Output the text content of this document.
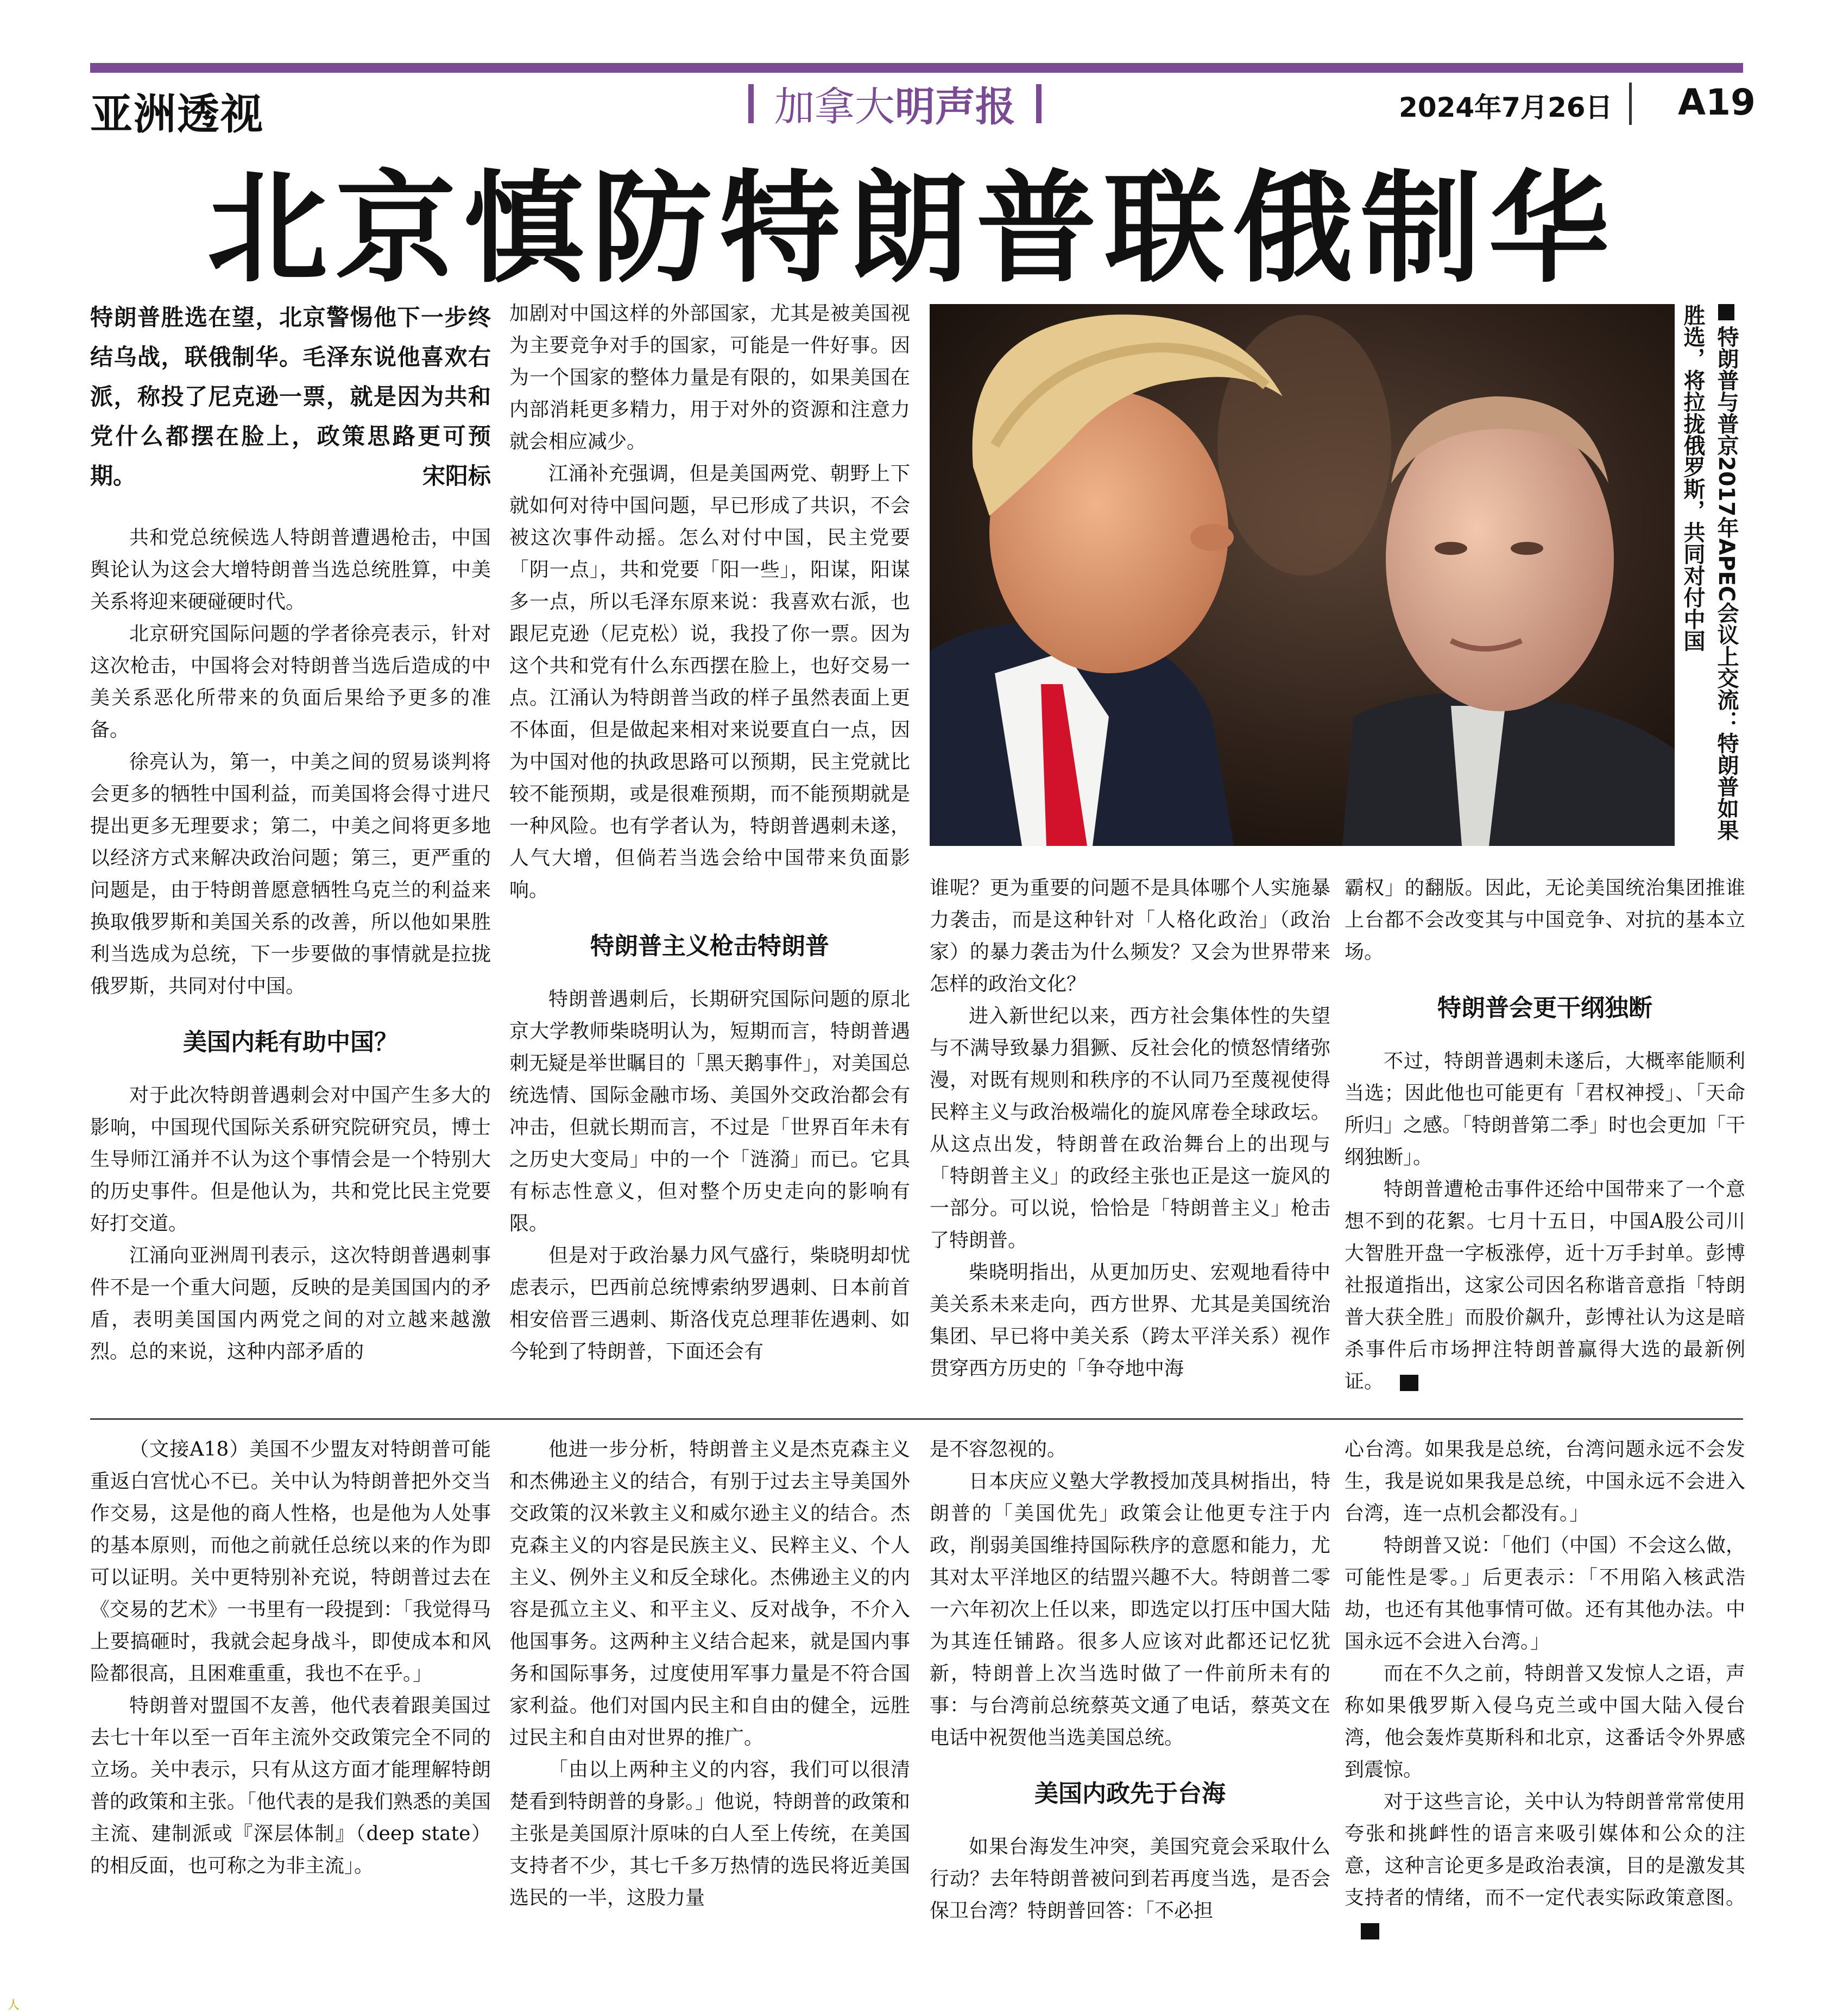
亚洲透视	加拿大 明声报	2024年7月26日 A19
北京慎防特朗普联俄制华
特朗普胜选在望，北京警惕他下一步终结乌战，联俄制华。毛泽东说他喜欢右派，称投了尼克逊一票，就是因为共和党什么都摆在脸上，政策思路更可预期。	宋阳标

共和党总统候选人特朗普遭遇枪击，中国舆论认为这会大增特朗普当选总统胜算，中美关系将迎来硬碰硬时代。

北京研究国际问题的学者徐亮表示，针对这次枪击，中国将会对特朗普当选后造成的中美关系恶化所带来的负面后果给予更多的准备。

徐亮认为，第一，中美之间的贸易谈判将会更多的牺牲中国利益，而美国将会得寸进尺提出更多无理要求；第二，中美之间将更多地以经济方式来解决政治问题；第三，更严重的问题是，由于特朗普愿意牺牲乌克兰的利益来换取俄罗斯和美国关系的改善，所以他如果胜利当选成为总统，下一步要做的事情就是拉拢俄罗斯，共同对付中国。

美国内耗有助中国？

对于此次特朗普遇刺会对中国产生多大的影响，中国现代国际关系研究院研究员，博士生导师江涌并不认为这个事情会是一个特别大的历史事件。但是他认为，共和党比民主党要好打交道。

江涌向亚洲周刊表示，这次特朗普遇刺事件不是一个重大问题，反映的是美国国内的矛盾，表明美国国内两党之间的对立越来越激烈。总的来说，这种内部矛盾的

加剧对中国这样的外部国家，尤其是被美国视为主要竞争对手的国家，可能是一件好事。因为一个国家的整体力量是有限的，如果美国在内部消耗更多精力，用于对外的资源和注意力就会相应减少。

江涌补充强调，但是美国两党、朝野上下就如何对待中国问题，早已形成了共识，不会被这次事件动摇。怎么对付中国，民主党要「阴一点」，共和党要「阳一些」，阳谋，阳谋多一点，所以毛泽东原来说：我喜欢右派，也跟尼克逊（尼克松）说，我投了你一票。因为这个共和党有什么东西摆在脸上，也好交易一点。江涌认为特朗普当政的样子虽然表面上更不体面，但是做起来相对来说要直白一点，因为中国对他的执政思路可以预期，民主党就比较不能预期，或是很难预期，而不能预期就是一种风险。也有学者认为，特朗普遇刺未遂，人气大增，但倘若当选会给中国带来负面影响。

特朗普主义枪击特朗普

特朗普遇刺后，长期研究国际问题的原北京大学教师柴晓明认为，短期而言，特朗普遇刺无疑是举世瞩目的「黑天鹅事件」，对美国总统选情、国际金融市场、美国外交政治都会有冲击，但就长期而言，不过是「世界百年未有之历史大变局」中的一个「涟漪」而已。它具有标志性意义，但对整个历史走向的影响有限。

但是对于政治暴力风气盛行，柴晓明却忧虑表示，巴西前总统博索纳罗遇刺、日本前首相安倍晋三遇刺、斯洛伐克总理菲佐遇刺、如今轮到了特朗普，下面还会有

特朗普与普京2017年APEC会议上交流：特朗普如果胜选，将拉拢俄罗斯，共同对付中国

谁呢？更为重要的问题不是具体哪个人实施暴力袭击，而是这种针对「人格化政治」（政治家）的暴力袭击为什么频发？又会为世界带来怎样的政治文化？

进入新世纪以来，西方社会集体性的失望与不满导致暴力猖獗、反社会化的愤怒情绪弥漫，对既有规则和秩序的不认同乃至蔑视使得民粹主义与政治极端化的旋风席卷全球政坛。从这点出发，特朗普在政治舞台上的出现与「特朗普主义」的政经主张也正是这一旋风的一部分。可以说，恰恰是「特朗普主义」枪击了特朗普。

柴晓明指出，从更加历史、宏观地看待中美关系未来走向，西方世界、尤其是美国统治集团、早已将中美关系（跨太平洋关系）视作贯穿西方历史的「争夺地中海

霸权」的翻版。因此，无论美国统治集团推谁上台都不会改变其与中国竞争、对抗的基本立场。

特朗普会更干纲独断

不过，特朗普遇刺未遂后，大概率能顺利当选；因此他也可能更有「君权神授」、「天命所归」之感。「特朗普第二季」时也会更加「干纲独断」。

特朗普遭枪击事件还给中国带来了一个意想不到的花絮。七月十五日，中国A股公司川大智胜开盘一字板涨停，近十万手封单。彭博社报道指出，这家公司因名称谐音意指「特朗普大获全胜」而股价飙升，彭博社认为这是暗杀事件后市场押注特朗普赢得大选的最新例证。

（文接A18）美国不少盟友对特朗普可能重返白宫忧心不已。关中认为特朗普把外交当作交易，这是他的商人性格，也是他为人处事的基本原则，而他之前就任总统以来的作为即可以证明。关中更特别补充说，特朗普过去在《交易的艺术》一书里有一段提到：「我觉得马上要搞砸时，我就会起身战斗，即使成本和风险都很高，且困难重重，我也不在乎。」

特朗普对盟国不友善，他代表着跟美国过去七十年以至一百年主流外交政策完全不同的立场。关中表示，只有从这方面才能理解特朗普的政策和主张。「他代表的是我们熟悉的美国主流、建制派或『深层体制』（deep state）的相反面，也可称之为非主流」。

他进一步分析，特朗普主义是杰克森主义和杰佛逊主义的结合，有别于过去主导美国外交政策的汉米敦主义和威尔逊主义的结合。杰克森主义的内容是民族主义、民粹主义、个人主义、例外主义和反全球化。杰佛逊主义的内容是孤立主义、和平主义、反对战争，不介入他国事务。这两种主义结合起来，就是国内事务和国际事务，过度使用军事力量是不符合国家利益。他们对国内民主和自由的健全，远胜过民主和自由对世界的推广。

「由以上两种主义的内容，我们可以很清楚看到特朗普的身影。」他说，特朗普的政策和主张是美国原汁原味的白人至上传统，在美国支持者不少，其七千多万热情的选民将近美国选民的一半，这股力量

是不容忽视的。

日本庆应义塾大学教授加茂具树指出，特朗普的「美国优先」政策会让他更专注于内政，削弱美国维持国际秩序的意愿和能力，尤其对太平洋地区的结盟兴趣不大。特朗普二零一六年初次上任以来，即选定以打压中国大陆为其连任铺路。很多人应该对此都还记忆犹新，特朗普上次当选时做了一件前所未有的事：与台湾前总统蔡英文通了电话，蔡英文在电话中祝贺他当选美国总统。

美国内政先于台海

如果台海发生冲突，美国究竟会采取什么行动？去年特朗普被问到若再度当选，是否会保卫台湾？特朗普回答：「不必担

心台湾。如果我是总统，台湾问题永远不会发生，我是说如果我是总统，中国永远不会进入台湾，连一点机会都没有。」

特朗普又说：「他们（中国）不会这么做，可能性是零。」后更表示：「不用陷入核武浩劫，也还有其他事情可做。还有其他办法。中国永远不会进入台湾。」

而在不久之前，特朗普又发惊人之语，声称如果俄罗斯入侵乌克兰或中国大陆入侵台湾，他会轰炸莫斯科和北京，这番话令外界感到震惊。

对于这些言论，关中认为特朗普常常使用夸张和挑衅性的语言来吸引媒体和公众的注意，这种言论更多是政治表演，目的是激发其支持者的情绪，而不一定代表实际政策意图。

人
